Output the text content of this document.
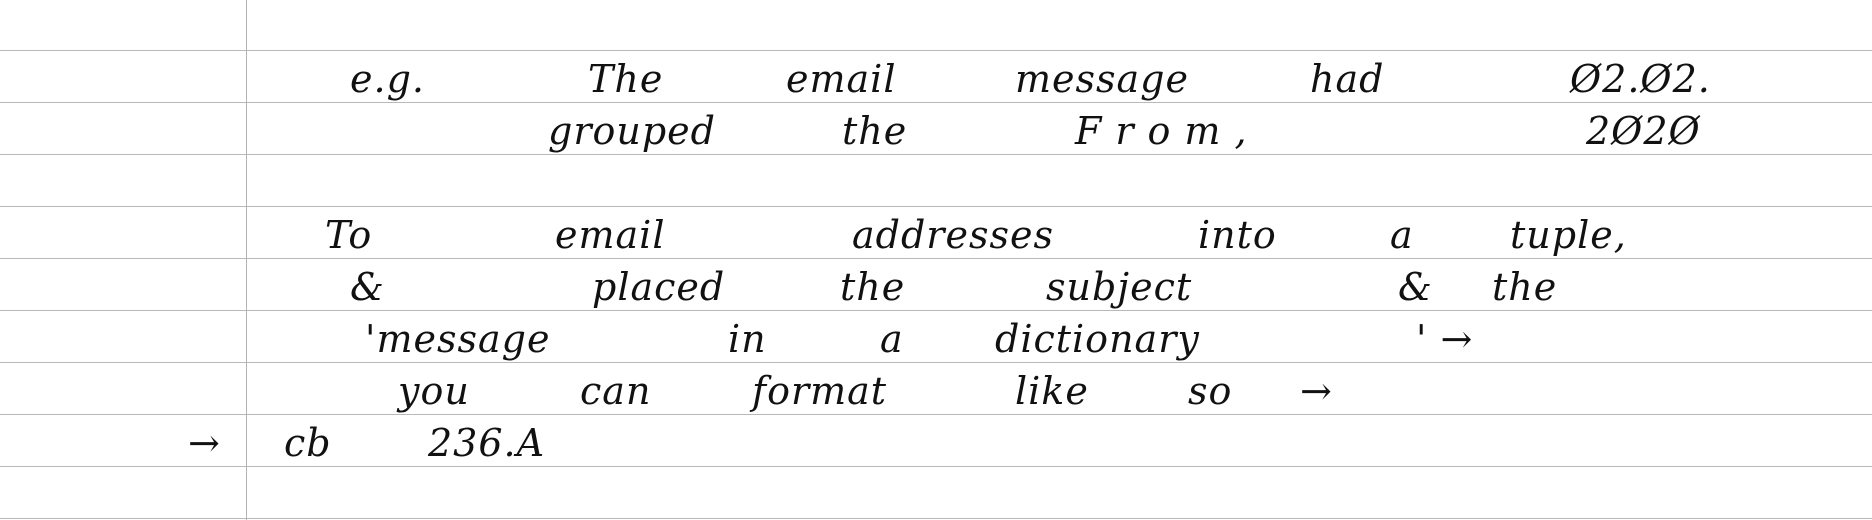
e.g.	The	email	message	had	Ø2.Ø2.
grouped	the	From,	2Ø2Ø
To	email	addresses	into	a	tuple,
&	placed	the	subject	& the
'message	in	a dictionary	' →
you	can	format	like	so →
→ cb	236.A
